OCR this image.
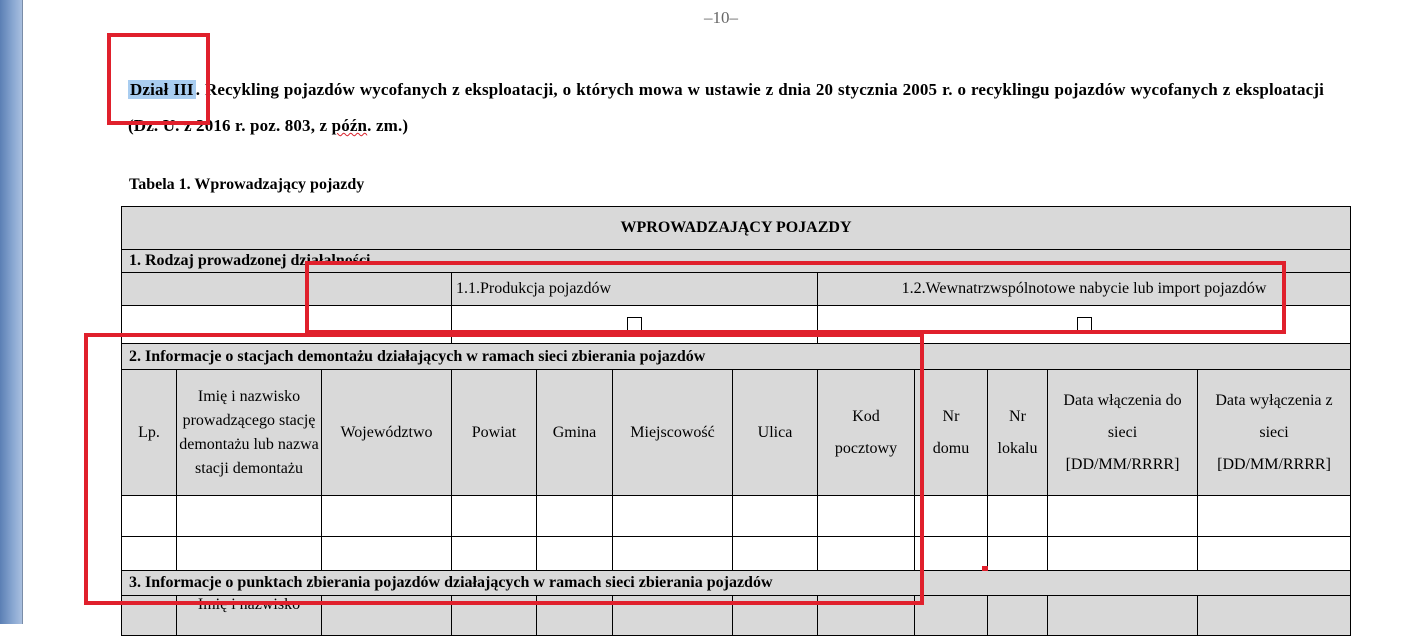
–10–
Dział III . Recykling pojazdów wycofanych z eksploatacji, o których mowa w ustawie z dnia 20 stycznia 2005 r. o recyklingu pojazdów wycofanych z eksploatacji (Dz. U. z 2016 r. poz. 803, z późn. zm.)
Tabela 1. Wprowadzający pojazdy
WPROWADZAJĄCY POJAZDY											
1. Rodzaj prowadzonej działalności											
			1.1.Produkcja pojazdów				1.2.Wewnatrzwspólnotowe nabycie lub import pojazdów				

2. Informacje o stacjach demontażu działających w ramach sieci zbierania pojazdów											
Lp.	Imię i nazwisko prowadzącego stację demontażu lub nazwa stacji demontażu	Województwo	Powiat	Gmina	Miejscowość	Ulica	Kod pocztowy	Nr domu	Nr lokalu	Data włączenia do sieci [DD/MM/RRRR]	Data wyłączenia z sieci [DD/MM/RRRR]

3. Informacje o punktach zbierania pojazdów działających w ramach sieci zbierania pojazdów											
	Imię i nazwisko										
